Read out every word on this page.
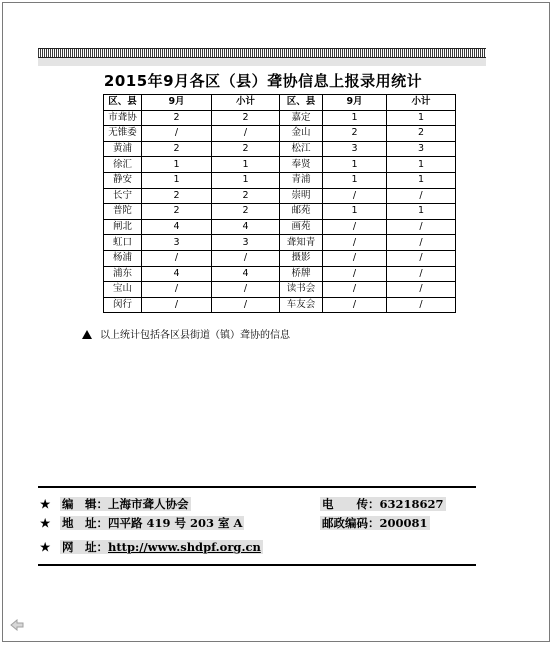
2015年9月各区（县）聋协信息上报录用统计
区、县	9月	小计	区、县	9月	小计
市聋协	2	2	嘉定	1	1
无锥委	/	/	金山	2	2
黄浦	2	2	松江	3	3
徐汇	1	1	奉贤	1	1
静安	1	1	青浦	1	1
长宁	2	2	崇明	/	/
普陀	2	2	邮苑	1	1
闸北	4	4	画苑	/	/
虹口	3	3	聋知青	/	/
杨浦	/	/	摄影	/	/
浦东	4	4	桥牌	/	/
宝山	/	/	读书会	/	/
闵行	/	/	车友会	/	/
以上统计包括各区县街道（镇）聋协的信息
★ 编　辑：上海市聋人协会	电　　传：63218627
★ 地　址：四平路 419 号 203 室 A	邮政编码：200081
★ 网　址：http://www.shdpf.org.cn
